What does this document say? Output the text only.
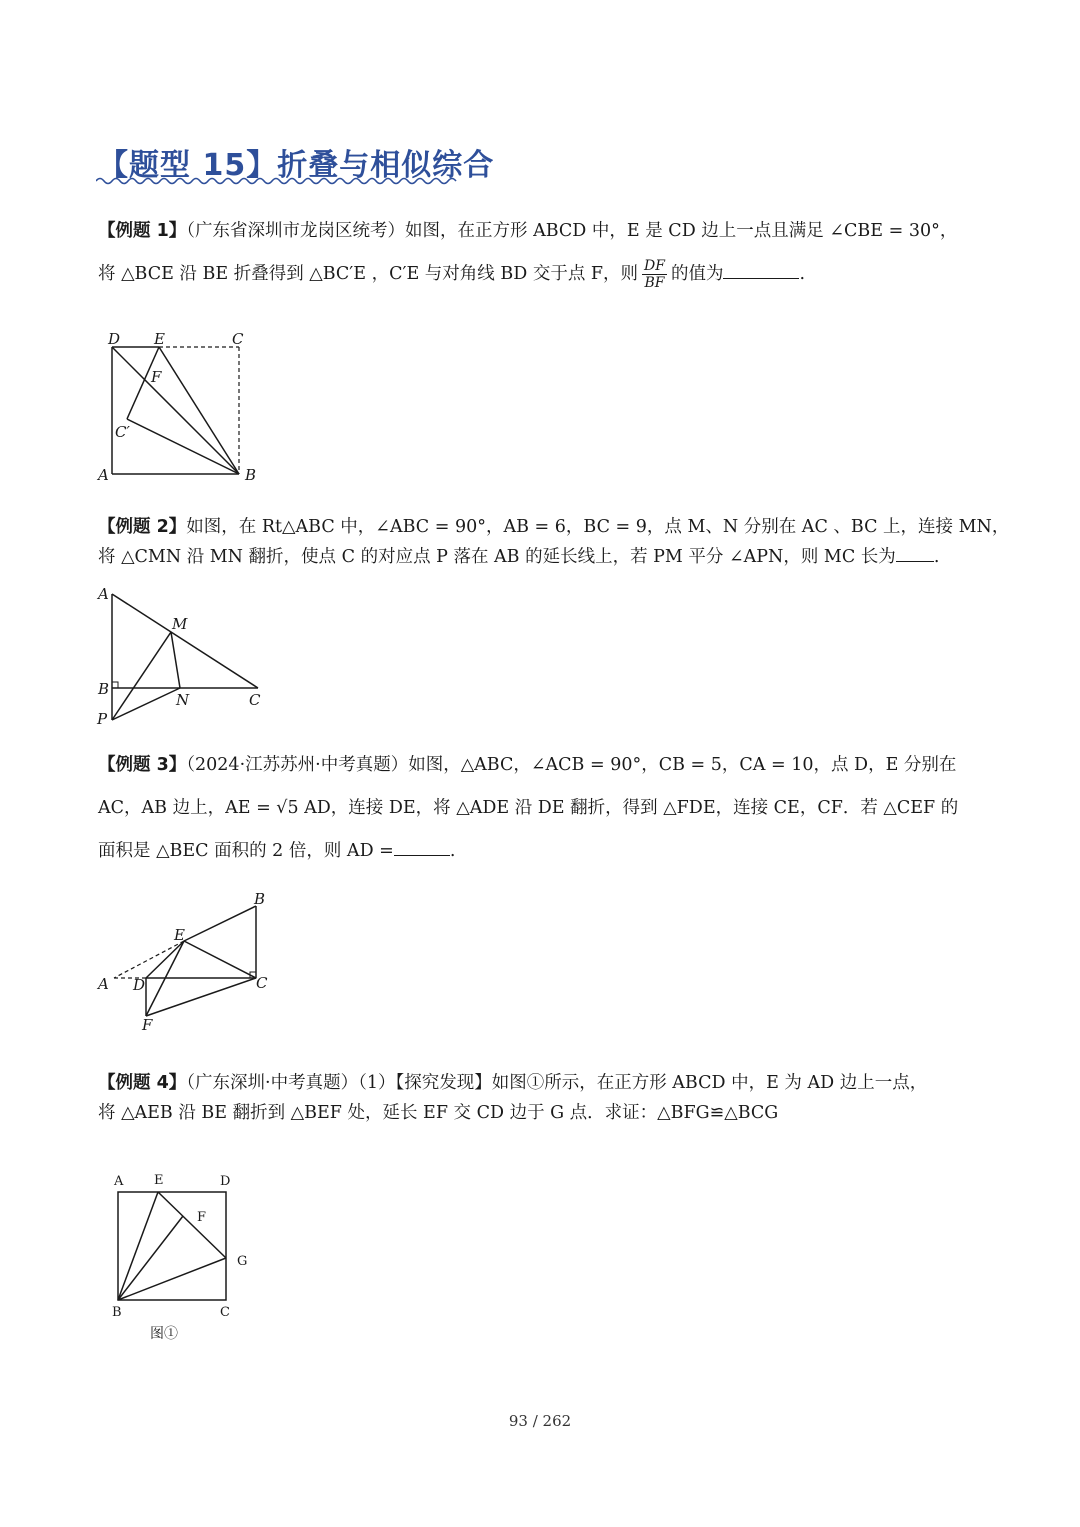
【题型 15】折叠与相似综合
【例题 1】（广东省深圳市龙岗区统考）如图，在正方形 ABCD 中，E 是 CD 边上一点且满足 ∠CBE = 30°，
将 △BCE 沿 BE 折叠得到 △BC′E ，C′E 与对角线 BD 交于点 F，则 $\frac{DF}{BF}$ 的值为	.
D E	C
F
C′
A	B
【例题 2】如图，在 Rt△ABC 中，∠ABC = 90°，AB = 6，BC = 9，点 M、N 分别在 AC 、BC 上，连接 MN，
将 △CMN 沿 MN 翻折，使点 C 的对应点 P 落在 AB 的延长线上，若 PM 平分 ∠APN，则 MC 长为 .
A
M
B
N	C
P
【例题 3】（2024·江苏苏州·中考真题）如图，△ABC，∠ACB = 90°，CB = 5，CA = 10，点 D，E 分别在
AC，AB 边上，AE = √5 AD，连接 DE，将 △ADE 沿 DE 翻折，得到 △FDE，连接 CE，CF．若 △CEF 的
面积是 △BEC 面积的 2 倍，则 AD =	.
B
E
A D	C
F
【例题 4】（广东深圳·中考真题）（1）【探究发现】如图①所示，在正方形 ABCD 中，E 为 AD 边上一点，
将 △AEB 沿 BE 翻折到 △BEF 处，延长 EF 交 CD 边于 G 点．求证：△BFG≌△BCG
A E	D
F
G
B	C
图①
93 / 262
